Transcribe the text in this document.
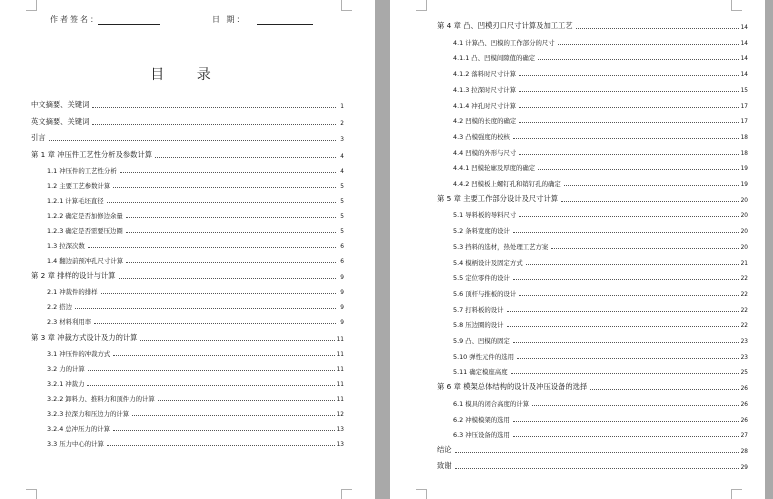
作者签名：	日 期：
目 录
中文摘要、关键词	1
英文摘要、关键词	2
引言	3
第 1 章 冲压件工艺性分析及参数计算	4
1.1 冲压件的工艺性分析	4
1.2 主要工艺参数计算	5
1.2.1 计算毛坯直径	5
1.2.2 确定是否加修边余量	5
1.2.3 确定是否需要压边圈	5
1.3 拉深次数	6
1.4 翻边前预冲孔尺寸计算	6
第 2 章 排样的设计与计算	9
2.1 冲裁件的排样	9
2.2 搭边	9
2.3 材料利用率	9
第 3 章 冲裁方式设计及力的计算	11
3.1 冲压件的冲裁方式	11
3.2 力的计算	11
3.2.1 冲裁力	11
3.2.2 卸料力、推料力和顶件力的计算	11
3.2.3 拉深力和压边力的计算	12
3.2.4 总冲压力的计算	13
3.3 压力中心的计算	13
第 4 章 凸、凹模刃口尺寸计算及加工工艺	14
4.1 计算凸、凹模的工作部分的尺寸	14
4.1.1 凸、凹模间隙值的确定	14
4.1.2 落料时尺寸计算	14
4.1.3 拉深时尺寸计算	15
4.1.4 冲孔时尺寸计算	17
4.2 凹模的长度的确定	17
4.3 凸模强度的校核	18
4.4 凹模的外形与尺寸	18
4.4.1 凹模轮廓及厚度的确定	19
4.4.2 凹模板上螺钉孔和销钉孔的确定	19
第 5 章 主要工作部分设计及尺寸计算	20
5.1 导料板的导料尺寸	20
5.2 条料宽度的设计	20
5.3 挡料的选材，热处理工艺方案	20
5.4 模柄设计及固定方式	21
5.5 定位零件的设计	22
5.6 顶杆与推板的设计	22
5.7 打料板的设计	22
5.8 压边圈的设计	22
5.9 凸、凹模的固定	23
5.10 弹性元件的选用	23
5.11 确定模座高度	25
第 6 章 模架总体结构的设计及冲压设备的选择	26
6.1 模具的闭合高度的计算	26
6.2 冲模模架的选用	26
6.3 冲压设备的选用	27
结论	28
致谢	29
